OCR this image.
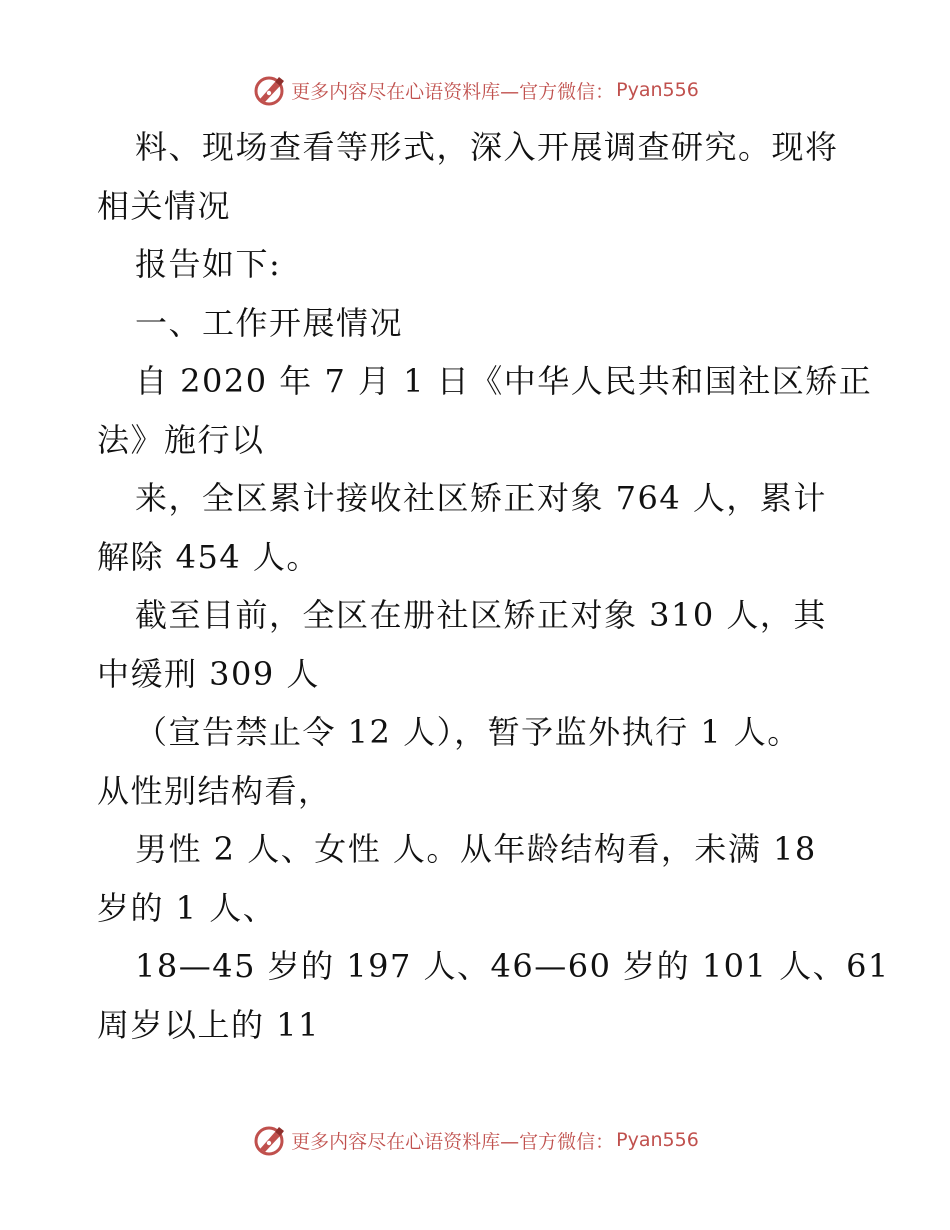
更多内容尽在心语资料库—官方微信： Pyan556
料、现场查看等形式，深入开展调查研究。现将
相关情况
报告如下:
一、工作开展情况
自 2020 年 7 月 1 日《中华人民共和国社区矫正
法》施行以
来，全区累计接收社区矫正对象 764 人，累计
解除 454 人。
截至目前，全区在册社区矫正对象 310 人，其
中缓刑 309 人
（宣告禁止令 12 人），暂予监外执行 1 人。
从性别结构看，
男性 2 人、女性 人。从年龄结构看，未满 18
岁的 1 人、
18—45 岁的 197 人、46—60 岁的 101 人、61
周岁以上的 11
更多内容尽在心语资料库—官方微信： Pyan556
